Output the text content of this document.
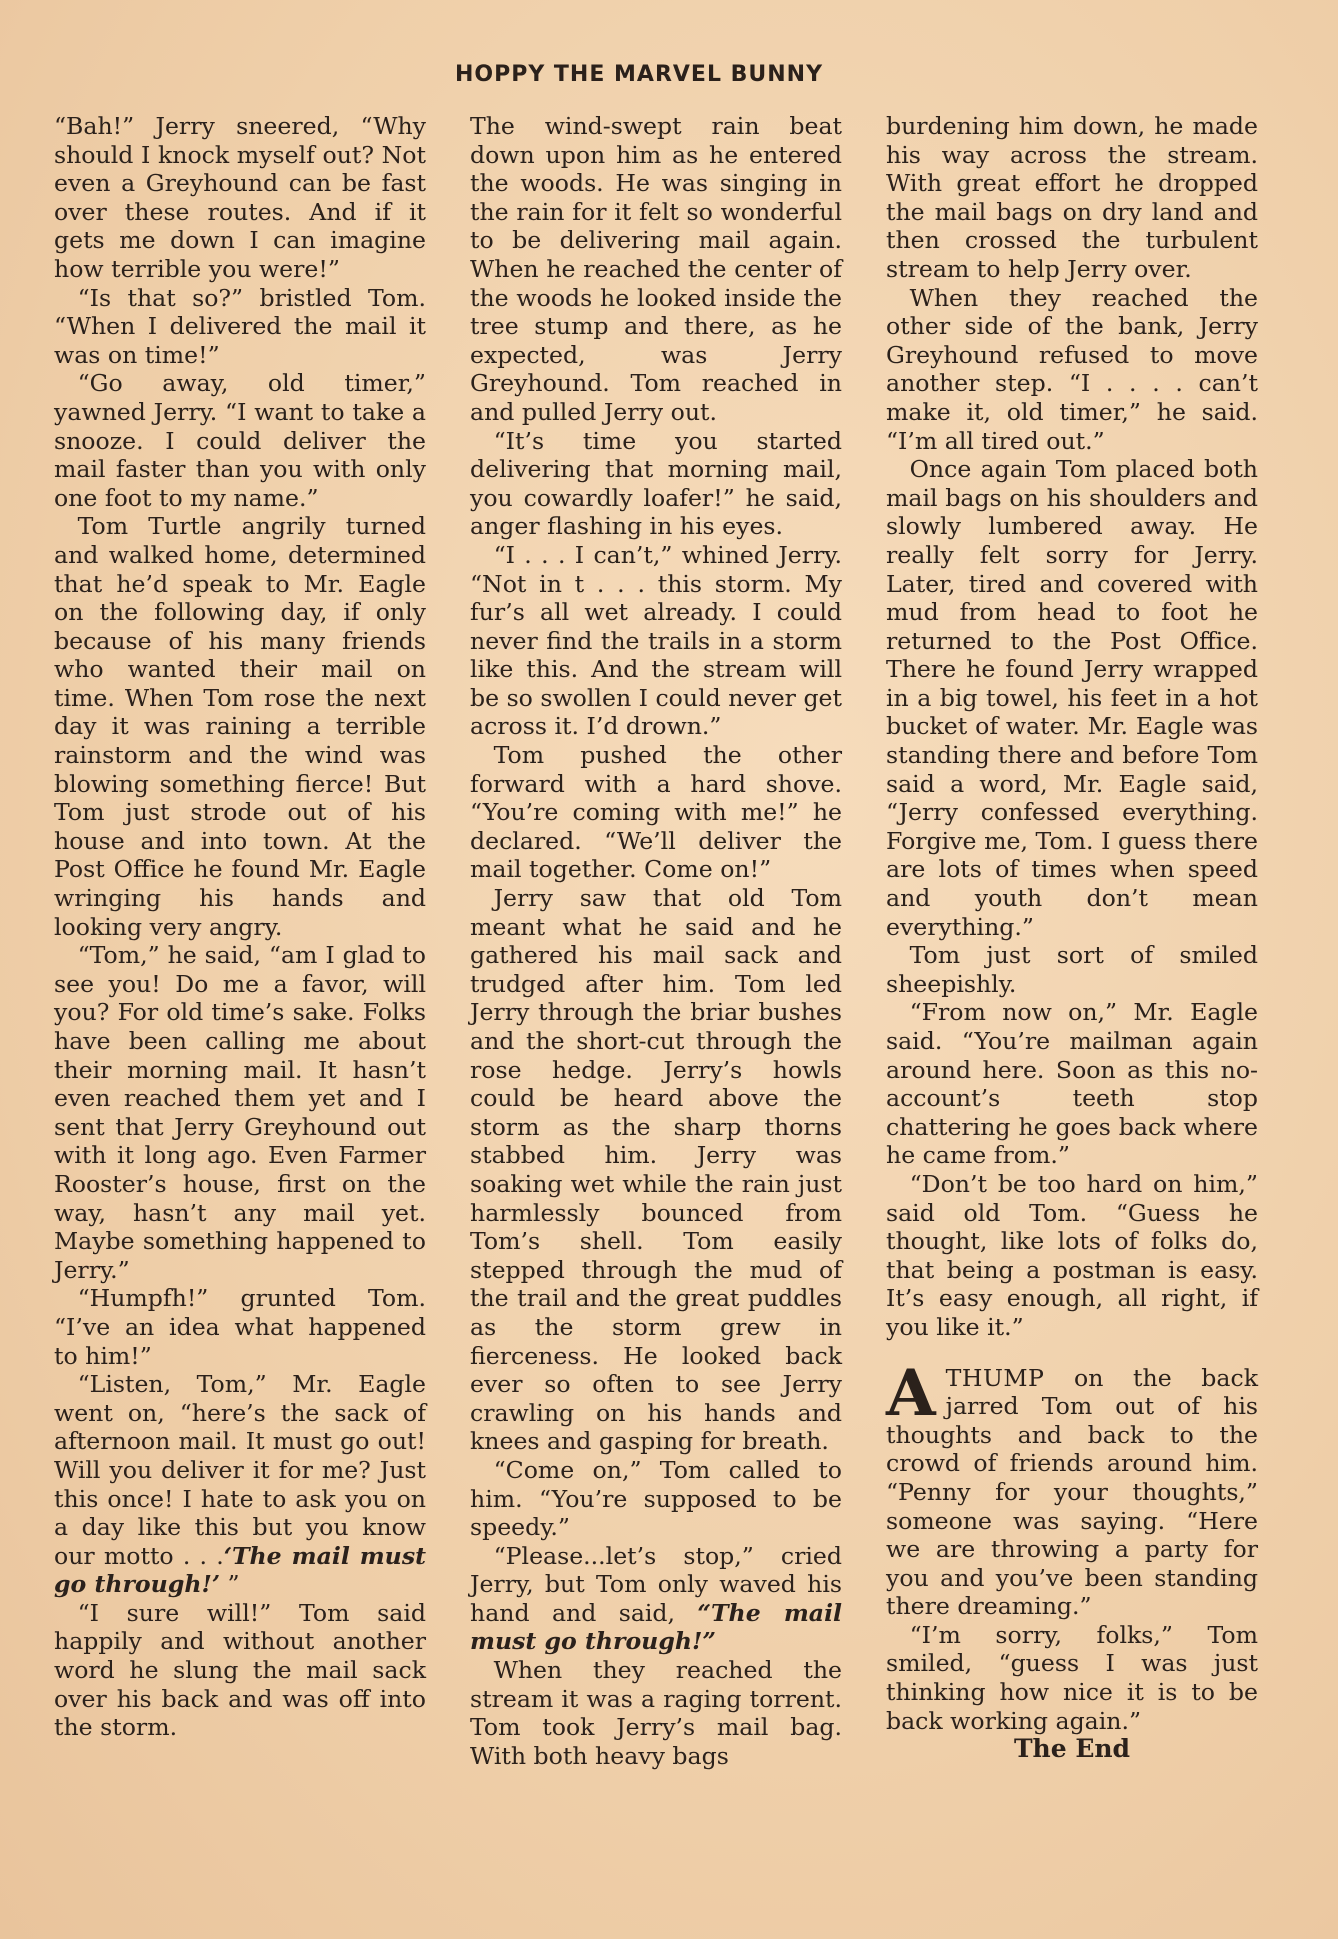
HOPPY THE MARVEL BUNNY

“Bah!” Jerry sneered, “Why should I knock myself out? Not even a Greyhound can be fast over these routes. And if it gets me down I can imagine how terrible you were!”

“Is that so?” bristled Tom. “When I delivered the mail it was on time!”

“Go away, old timer,” yawned Jerry. “I want to take a snooze. I could deliver the mail faster than you with only one foot to my name.”

Tom Turtle angrily turned and walked home, determined that he’d speak to Mr. Eagle on the following day, if only because of his many friends who wanted their mail on time. When Tom rose the next day it was raining a terrible rainstorm and the wind was blowing something fierce! But Tom just strode out of his house and into town. At the Post Office he found Mr. Eagle wringing his hands and looking very angry.

“Tom,” he said, “am I glad to see you! Do me a favor, will you? For old time’s sake. Folks have been calling me about their morning mail. It hasn’t even reached them yet and I sent that Jerry Greyhound out with it long ago. Even Farmer Rooster’s house, first on the way, hasn’t any mail yet. Maybe something happened to Jerry.”

“Humpfh!” grunted Tom. “I’ve an idea what happened to him!”

“Listen, Tom,” Mr. Eagle went on, “here’s the sack of afternoon mail. It must go out! Will you deliver it for me? Just this once! I hate to ask you on a day like this but you know our motto . . .‘The mail must go through!’ ”

“I sure will!” Tom said happily and without another word he slung the mail sack over his back and was off into the storm.

The wind-swept rain beat down upon him as he entered the woods. He was singing in the rain for it felt so wonderful to be delivering mail again. When he reached the center of the woods he looked inside the tree stump and there, as he expected, was Jerry Greyhound. Tom reached in and pulled Jerry out.

“It’s time you started delivering that morning mail, you cowardly loafer!” he said, anger flashing in his eyes.

“I . . . I can’t,” whined Jerry. “Not in t . . . this storm. My fur’s all wet already. I could never find the trails in a storm like this. And the stream will be so swollen I could never get across it. I’d drown.”

Tom pushed the other forward with a hard shove. “You’re coming with me!” he declared. “We’ll deliver the mail together. Come on!”

Jerry saw that old Tom meant what he said and he gathered his mail sack and trudged after him. Tom led Jerry through the briar bushes and the short-cut through the rose hedge. Jerry’s howls could be heard above the storm as the sharp thorns stabbed him. Jerry was soaking wet while the rain just harmlessly bounced from Tom’s shell. Tom easily stepped through the mud of the trail and the great puddles as the storm grew in fierceness. He looked back ever so often to see Jerry crawling on his hands and knees and gasping for breath.

“Come on,” Tom called to him. “You’re supposed to be speedy.”

“Please...let’s stop,” cried Jerry, but Tom only waved his hand and said, “The mail must go through!”

When they reached the stream it was a raging torrent. Tom took Jerry’s mail bag. With both heavy bags

burdening him down, he made his way across the stream. With great effort he dropped the mail bags on dry land and then crossed the turbulent stream to help Jerry over.

When they reached the other side of the bank, Jerry Greyhound refused to move another step. “I . . . . can’t make it, old timer,” he said. “I’m all tired out.”

Once again Tom placed both mail bags on his shoulders and slowly lumbered away. He really felt sorry for Jerry. Later, tired and covered with mud from head to foot he returned to the Post Office. There he found Jerry wrapped in a big towel, his feet in a hot bucket of water. Mr. Eagle was standing there and before Tom said a word, Mr. Eagle said, “Jerry confessed everything. Forgive me, Tom. I guess there are lots of times when speed and youth don’t mean everything.”

Tom just sort of smiled sheepishly.

“From now on,” Mr. Eagle said. “You’re mailman again around here. Soon as this no-account’s teeth stop chattering he goes back where he came from.”

“Don’t be too hard on him,” said old Tom. “Guess he thought, like lots of folks do, that being a postman is easy. It’s easy enough, all right, if you like it.”

ATHUMP on the back jarred Tom out of his thoughts and back to the crowd of friends around him. “Penny for your thoughts,” someone was saying. “Here we are throwing a party for you and you’ve been standing there dreaming.”

“I’m sorry, folks,” Tom smiled, “guess I was just thinking how nice it is to be back working again.”

The End
